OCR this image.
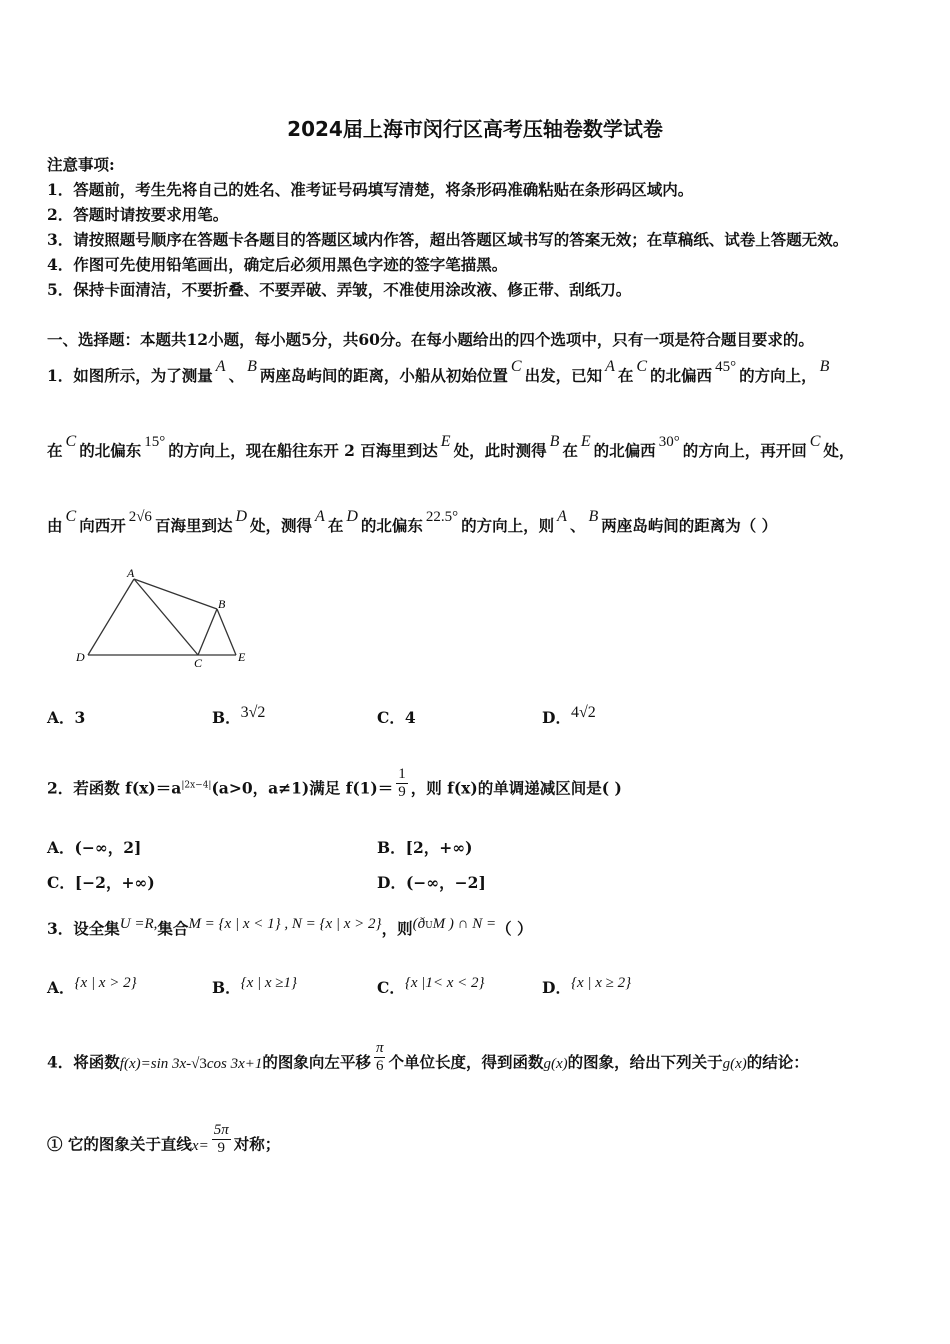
2024届上海市闵行区高考压轴卷数学试卷
注意事项:
1．答题前，考生先将自己的姓名、准考证号码填写清楚，将条形码准确粘贴在条形码区域内。
2．答题时请按要求用笔。
3．请按照题号顺序在答题卡各题目的答题区域内作答，超出答题区域书写的答案无效；在草稿纸、试卷上答题无效。
4．作图可先使用铅笔画出，确定后必须用黑色字迹的签字笔描黑。
5．保持卡面清洁，不要折叠、不要弄破、弄皱，不准使用涂改液、修正带、刮纸刀。
一、选择题：本题共12小题，每小题5分，共60分。在每小题给出的四个选项中，只有一项是符合题目要求的。
1．如图所示，为了测量 A 、 B 两座岛屿间的距离，小船从初始位置 C 出发，已知 A 在 C 的北偏西 45° 的方向上， B
在 C 的北偏东 15° 的方向上，现在船往东开 2 百海里到达 E 处，此时测得 B 在 E 的北偏西 30° 的方向上，再开回 C 处，
由 C 向西开 2√6 百海里到达 D 处，测得 A 在 D 的北偏东 22.5° 的方向上，则 A 、 B 两座岛屿间的距离为（ ）
A
B
D	C	E
A．3	B．3√2	C．4	D．4√2
2．若函数 $f(x)=a^{|2x-4|}(a>0$，a≠1)满足 $f(1)= \frac{1}{9}$ ，则 f(x)的单调递减区间是( )
A．(−∞，2]	B．[2，+∞)
C．[−2，+∞)	D．(−∞，−2]
3．设全集U =R,集合M = {x | x < 1} , N = {x | x > 2}，则($ð^UM$ ) ∩ N =（ ）
A．{x | x > 2}	B．{x | x ≥1}	C．{x |1< x < 2}	D．{x | x ≥ 2}
4．将函数f(x)=sin 3x-√3cos 3x+1的图象向左平移 $\frac{\pi}{6}$ 个单位长度，得到函数g(x)的图象，给出下列关于g(x)的结论：
① 它的图象关于直线$x= \frac{5\pi}{9}$ 对称；
